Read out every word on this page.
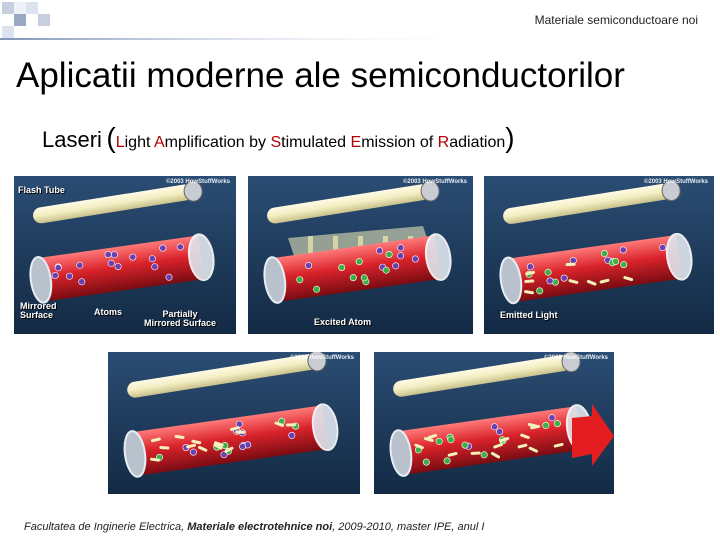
Materiale semiconductoare noi
Aplicatii moderne ale semiconductorilor
Laseri (Light Amplification by Stimulated Emission of Radiation)
©2003 HowStuffWorks
Flash Tube
Mirrored
Surface	Atoms	Partially
Mirrored Surface
©2003 HowStuffWorks
Excited Atom
©2003 HowStuffWorks
Emitted Light
©2003 HowStuffWorks	©2003 HowStuffWorks
Facultatea de Inginerie Electrica, Materiale electrotehnice noi, 2009-2010, master IPE, anul I
